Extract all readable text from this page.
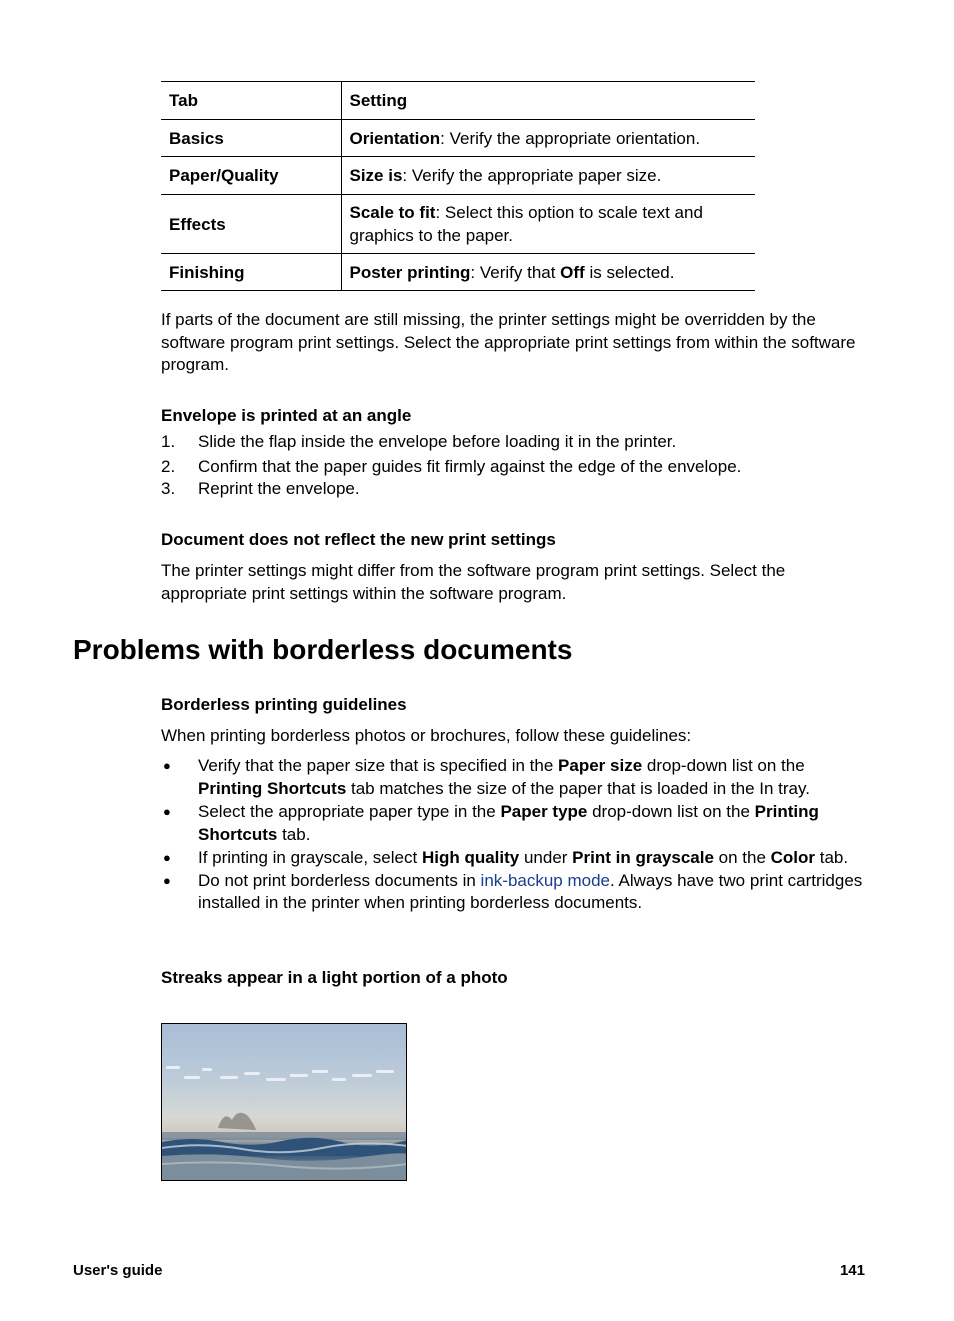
Tab	Setting
Basics	Orientation: Verify the appropriate orientation.
Paper/Quality	Size is: Verify the appropriate paper size.
Effects	Scale to fit: Select this option to scale text and graphics to the paper.
Finishing	Poster printing: Verify that Off is selected.

If parts of the document are still missing, the printer settings might be overridden by the software program print settings. Select the appropriate print settings from within the software program.

Envelope is printed at an angle
1. Slide the flap inside the envelope before loading it in the printer.
2. Confirm that the paper guides fit firmly against the edge of the envelope.
3. Reprint the envelope.
Document does not reflect the new print settings

The printer settings might differ from the software program print settings. Select the appropriate print settings within the software program.

Problems with borderless documents
Borderless printing guidelines

When printing borderless photos or brochures, follow these guidelines:

● Verify that the paper size that is specified in the Paper size drop-down list on the Printing Shortcuts tab matches the size of the paper that is loaded in the In tray.
● Select the appropriate paper type in the Paper type drop-down list on the Printing Shortcuts tab.
● If printing in grayscale, select High quality under Print in grayscale on the Color tab.
● Do not print borderless documents in ink-backup mode. Always have two print cartridges installed in the printer when printing borderless documents.
Streaks appear in a light portion of a photo
User's guide	141
